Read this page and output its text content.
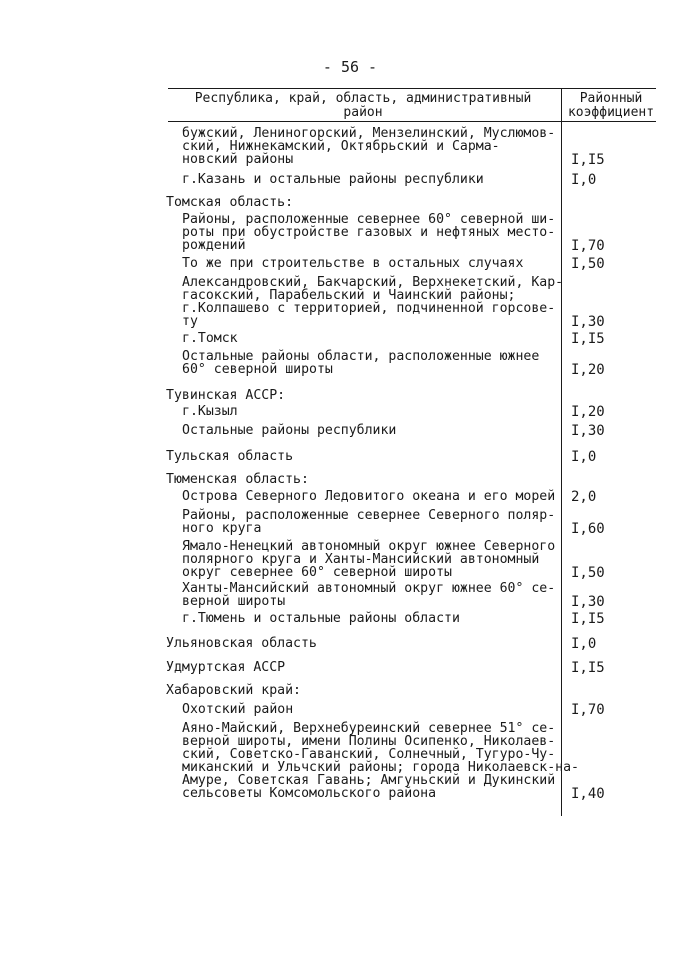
- 56 -
Республика, край, область, административный
район
Районный
коэффициент
бужский, Лениногорский, Мензелинский, Муслюмов-
ский, Нижнекамский, Октябрьский и Сарма-
новский районы	I,I5
г.Казань и остальные районы республики	I,0
Томская область:
Районы, расположенные севернее 60° северной ши-
роты при обустройстве газовых и нефтяных место-
рождений	I,70
То же при строительстве в остальных случаях	I,50
Александровский, Бакчарский, Верхнекетский, Кар-
гасокский, Парабельский и Чаинский районы;
г.Колпашево с территорией, подчиненной горсове-
ту	I,30
г.Томск	I,I5
Остальные районы области, расположенные южнее
60° северной широты	I,20
Тувинская АССР:
г.Кызыл	I,20
Остальные районы республики	I,30
Тульская область	I,0
Тюменская область:
Острова Северного Ледовитого океана и его морей 2,0
Районы, расположенные севернее Северного поляр-
ного круга	I,60
Ямало-Ненецкий автономный округ южнее Северного
полярного круга и Ханты-Мансийский автономный
округ севернее 60° северной широты	I,50
Ханты-Мансийский автономный округ южнее 60° се-
верной широты	I,30
г.Тюмень и остальные районы области	I,I5
Ульяновская область	I,0
Удмуртская АССР	I,I5
Хабаровский край:
Охотский район	I,70
Аяно-Майский, Верхнебуреинский севернее 51° се-
верной широты, имени Полины Осипенко, Николаев-
ский, Советско-Гаванский, Солнечный, Тугуро-Чу-
миканский и Ульчский районы; города Николаевск-на-
Амуре, Советская Гавань; Амгуньский и Дукинский
сельсоветы Комсомольского района	I,40
